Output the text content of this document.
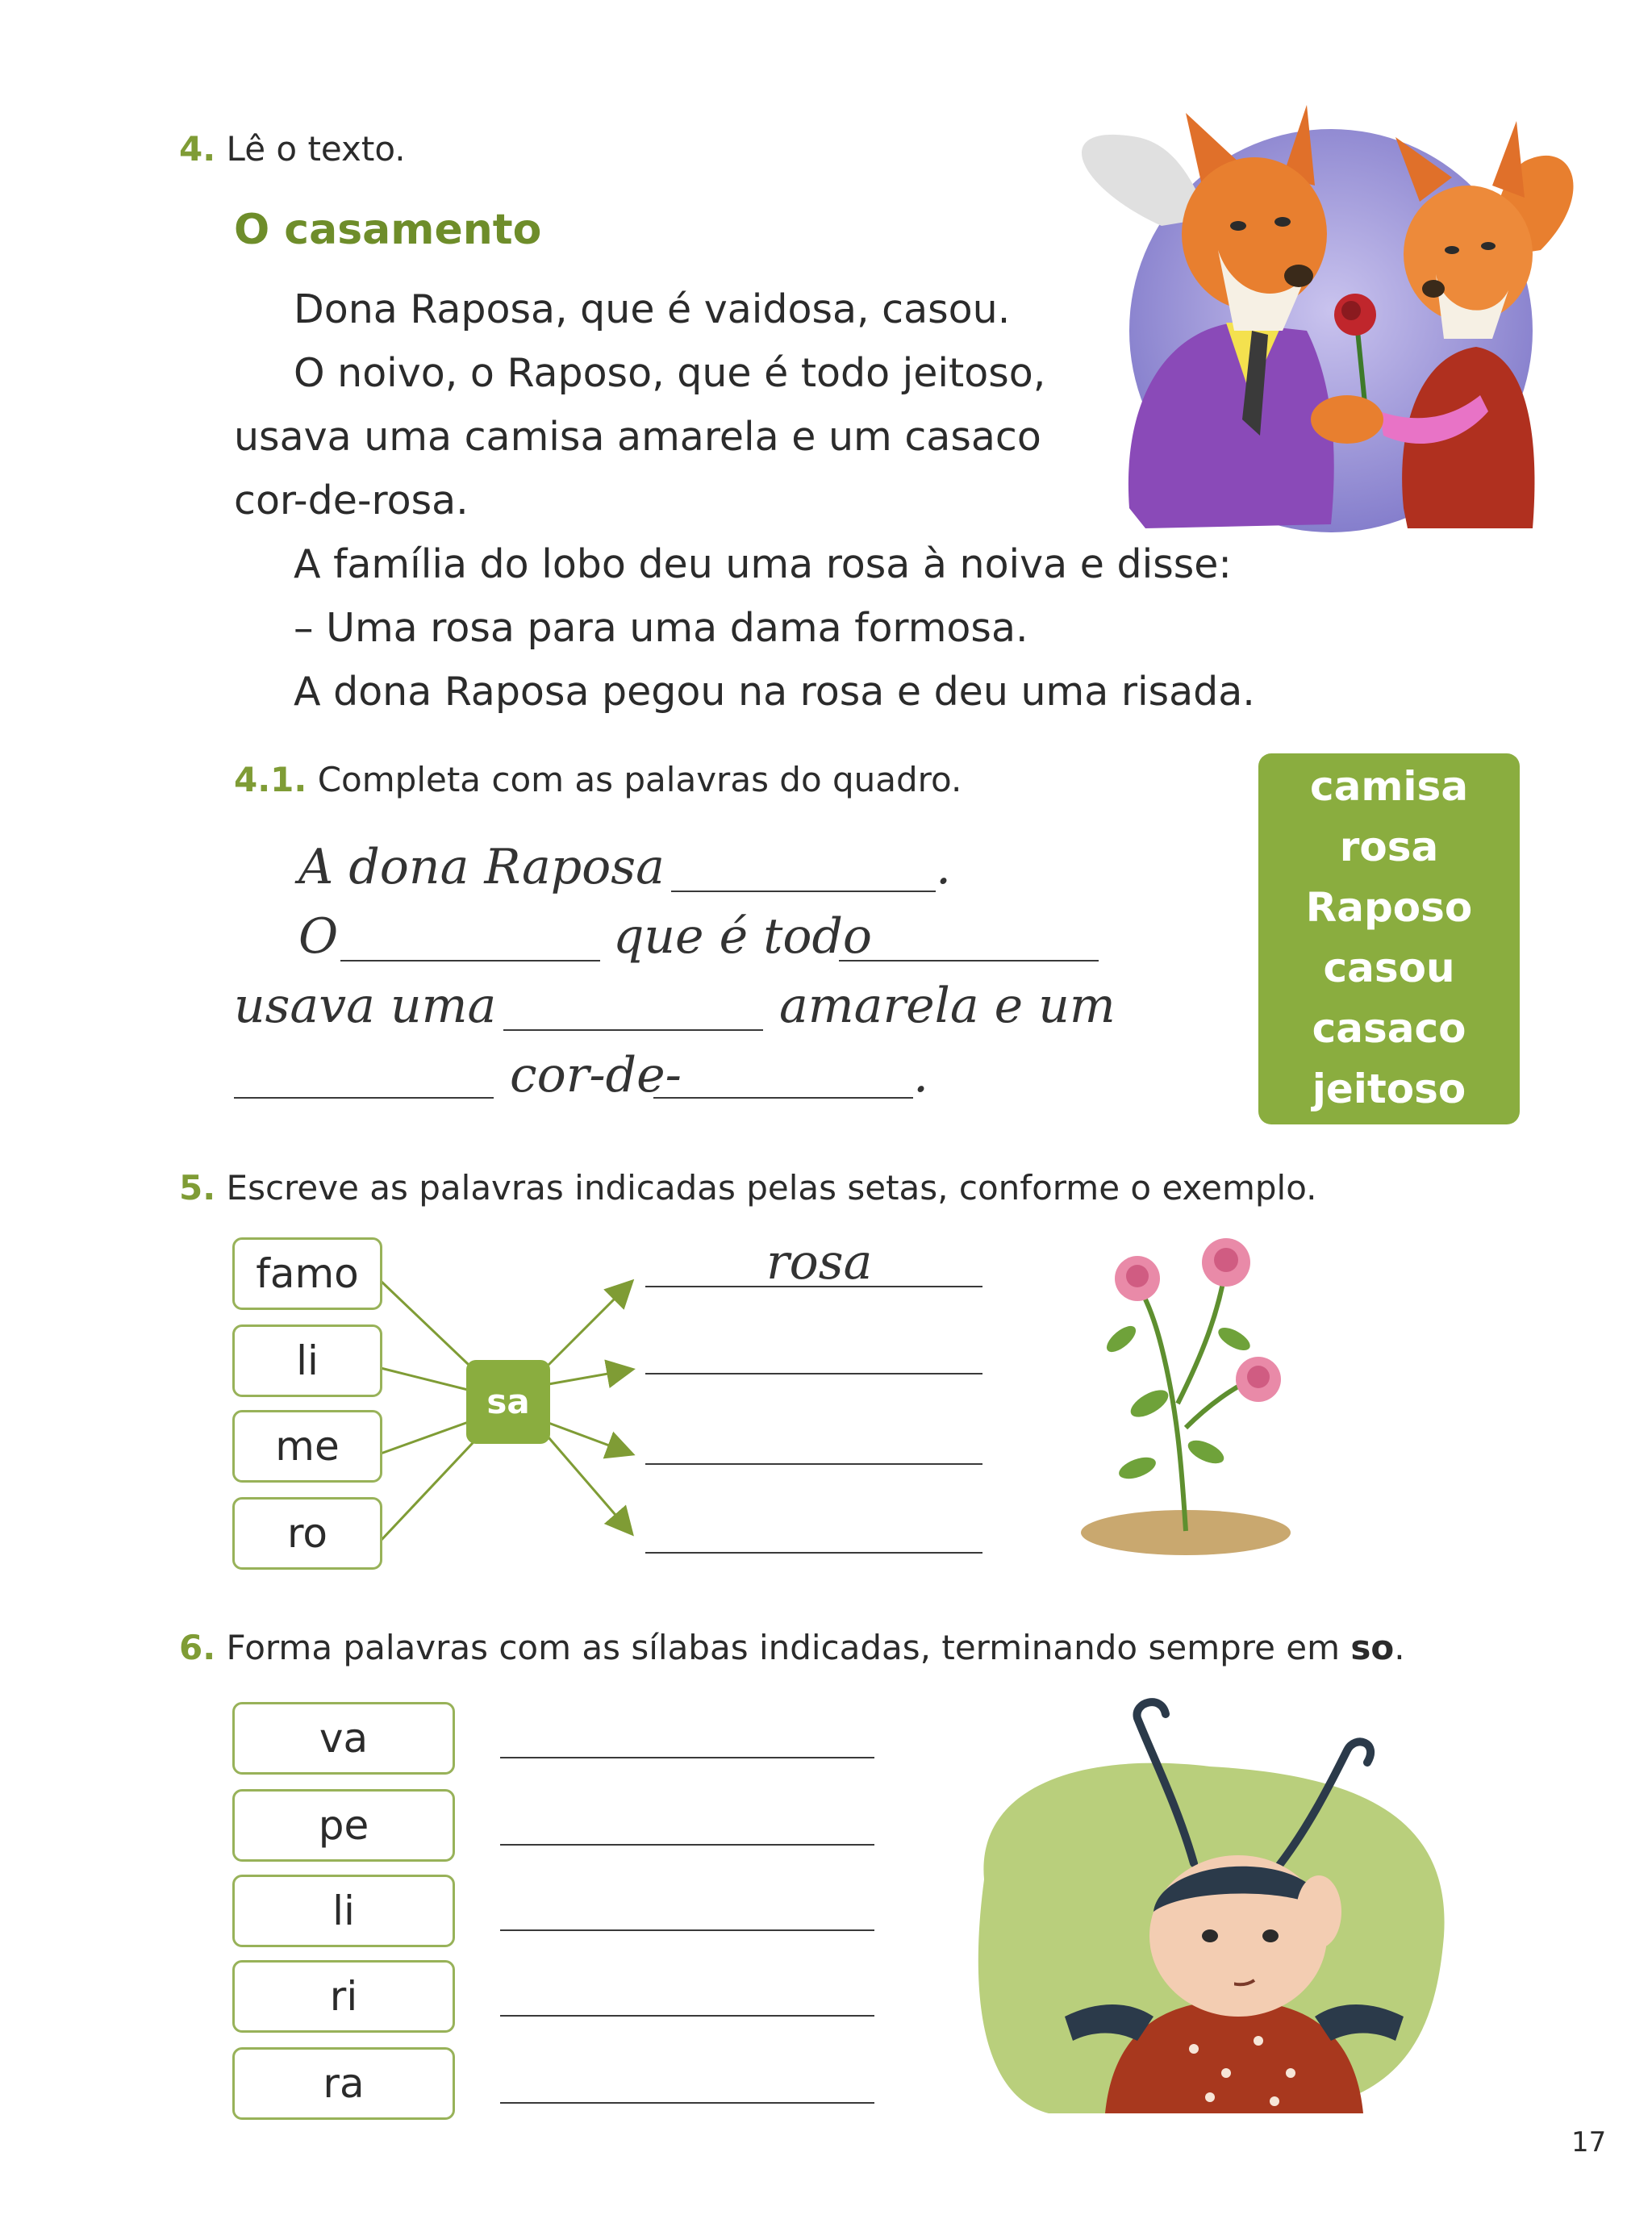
4. Lê o texto.
O casamento
Dona Raposa, que é vaidosa, casou.
O noivo, o Raposo, que é todo jeitoso,
usava uma camisa amarela e um casaco
cor-de-rosa.
A família do lobo deu uma rosa à noiva e disse:
– Uma rosa para uma dama formosa.
A dona Raposa pegou na rosa e deu uma risada.
4.1. Completa com as palavras do quadro.
A dona Raposa	.
O	que é todo
usava uma	amarela e um
cor-de-	.
camisa
rosa
Raposo
casou
casaco
jeitoso
5. Escreve as palavras indicadas pelas setas, conforme o exemplo.
famo
li
me
ro
sa
rosa
6. Forma palavras com as sílabas indicadas, terminando sempre em so.
va
pe
li
ri
ra
17
